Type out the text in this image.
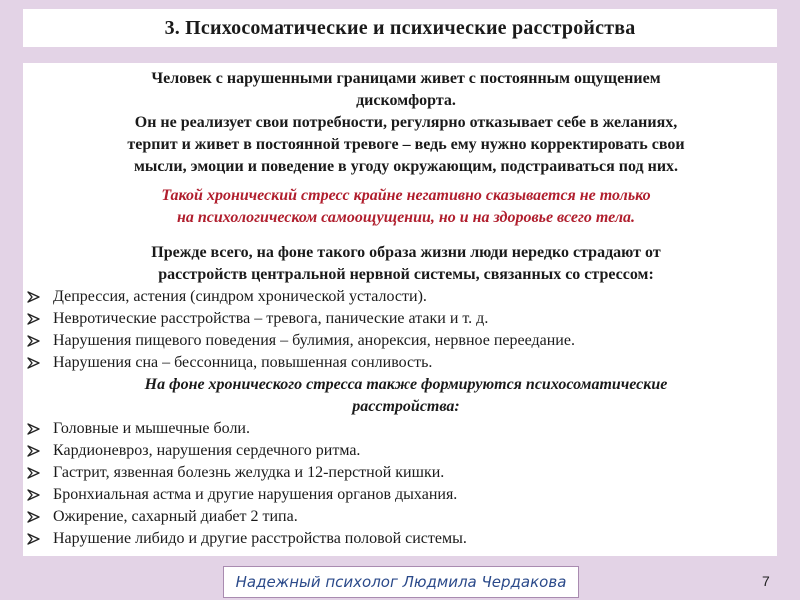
3. Психосоматические и психические расстройства

Человек с нарушенными границами живет с постоянным ощущением

дискомфорта.

Он не реализует свои потребности, регулярно отказывает себе в желаниях,

терпит и живет в постоянной тревоге – ведь ему нужно корректировать свои

мысли, эмоции и поведение в угоду окружающим, подстраиваться под них.

Такой хронический стресс крайне негативно сказывается не только

на психологическом самоощущении, но и на здоровье всего тела.

Прежде всего, на фоне такого образа жизни люди нередко страдают от

расстройств центральной нервной системы, связанных со стрессом:

Депрессия, астения (синдром хронической усталости).
Невротические расстройства – тревога, панические атаки и т. д.
Нарушения пищевого поведения – булимия, анорексия, нервное переедание.
Нарушения сна – бессонница, повышенная сонливость.

На фоне хронического стресса также формируются психосоматические

расстройства:

Головные и мышечные боли.
Кардионевроз, нарушения сердечного ритма.
Гастрит, язвенная болезнь желудка и 12-перстной кишки.
Бронхиальная астма и другие нарушения органов дыхания.
Ожирение, сахарный диабет 2 типа.
Нарушение либидо и другие расстройства половой системы.
Надежный психолог Людмила Чердакова	7
